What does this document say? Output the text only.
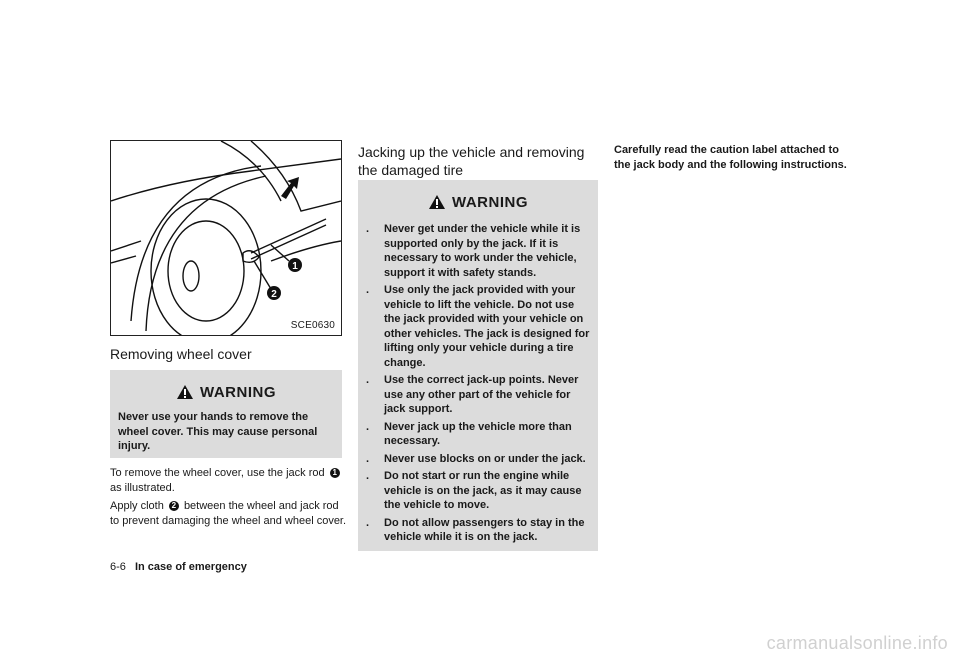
1
2
SCE0630
Removing wheel cover
WARNING
Never use your hands to remove the wheel cover. This may cause personal injury.
To remove the wheel cover, use the jack rod 1 as illustrated.
Apply cloth 2 between the wheel and jack rod to prevent damaging the wheel and wheel cover.
Jacking up the vehicle and removing the damaged tire
WARNING
. Never get under the vehicle while it is supported only by the jack. If it is necessary to work under the vehicle, support it with safety stands.
. Use only the jack provided with your vehicle to lift the vehicle. Do not use the jack provided with your vehicle on other vehicles. The jack is designed for lifting only your vehicle during a tire change.
. Use the correct jack-up points. Never use any other part of the vehicle for jack support.
. Never jack up the vehicle more than necessary.
. Never use blocks on or under the jack.
. Do not start or run the engine while vehicle is on the jack, as it may cause the vehicle to move.
. Do not allow passengers to stay in the vehicle while it is on the jack.
Carefully read the caution label attached to the jack body and the following instructions.
6-6 In case of emergency
carmanualsonline.info
